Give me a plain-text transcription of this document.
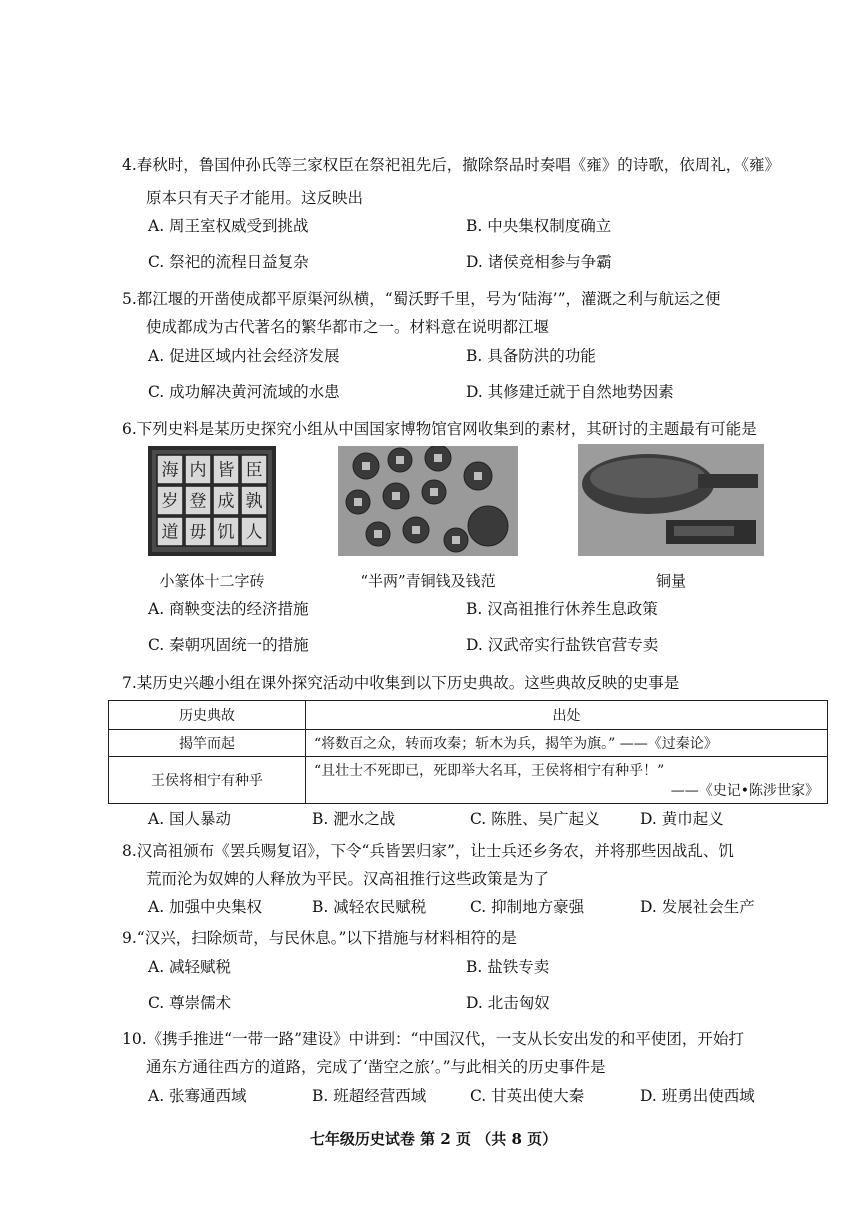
4.春秋时，鲁国仲孙氏等三家权臣在祭祀祖先后，撤除祭品时奏唱《雍》的诗歌，依周礼，《雍》
原本只有天子才能用。这反映出
A. 周王室权威受到挑战	B. 中央集权制度确立
C. 祭祀的流程日益复杂	D. 诸侯竞相参与争霸
5.都江堰的开凿使成都平原渠河纵横，“蜀沃野千里，号为‘陆海’”，灌溉之利与航运之便
使成都成为古代著名的繁华都市之一。材料意在说明都江堰
A. 促进区域内社会经济发展	B. 具备防洪的功能
C. 成功解决黄河流域的水患	D. 其修建迁就于自然地势因素
6.下列史料是某历史探究小组从中国国家博物馆官网收集到的素材，其研讨的主题最有可能是
海 内 皆 臣
岁 登 成 孰
道 毋 饥 人
小篆体十二字砖	“半两”青铜钱及钱范	铜量
A. 商鞅变法的经济措施	B. 汉高祖推行休养生息政策
C. 秦朝巩固统一的措施	D. 汉武帝实行盐铁官营专卖
7.某历史兴趣小组在课外探究活动中收集到以下历史典故。这些典故反映的史事是
历史典故	出处
揭竿而起	“将数百之众，转而攻秦；斩木为兵，揭竿为旗。” ——《过秦论》
王侯将相宁有种乎	“且壮士不死即已，死即举大名耳，王侯将相宁有种乎！”
——《史记•陈涉世家》
A. 国人暴动	B. 淝水之战	C. 陈胜、吴广起义	D. 黄巾起义
8.汉高祖颁布《罢兵赐复诏》，下令“兵皆罢归家”，让士兵还乡务农，并将那些因战乱、饥
荒而沦为奴婢的人释放为平民。汉高祖推行这些政策是为了
A. 加强中央集权	B. 减轻农民赋税	C. 抑制地方豪强	D. 发展社会生产
9.“汉兴，扫除烦苛，与民休息。”以下措施与材料相符的是
A. 减轻赋税	B. 盐铁专卖
C. 尊崇儒术	D. 北击匈奴
10.《携手推进“一带一路”建设》中讲到：“中国汉代，一支从长安出发的和平使团，开始打
通东方通往西方的道路，完成了‘凿空之旅’。”与此相关的历史事件是
A. 张骞通西域	B. 班超经营西域	C. 甘英出使大秦	D. 班勇出使西域
七年级历史试卷 第 2 页 （共 8 页）
